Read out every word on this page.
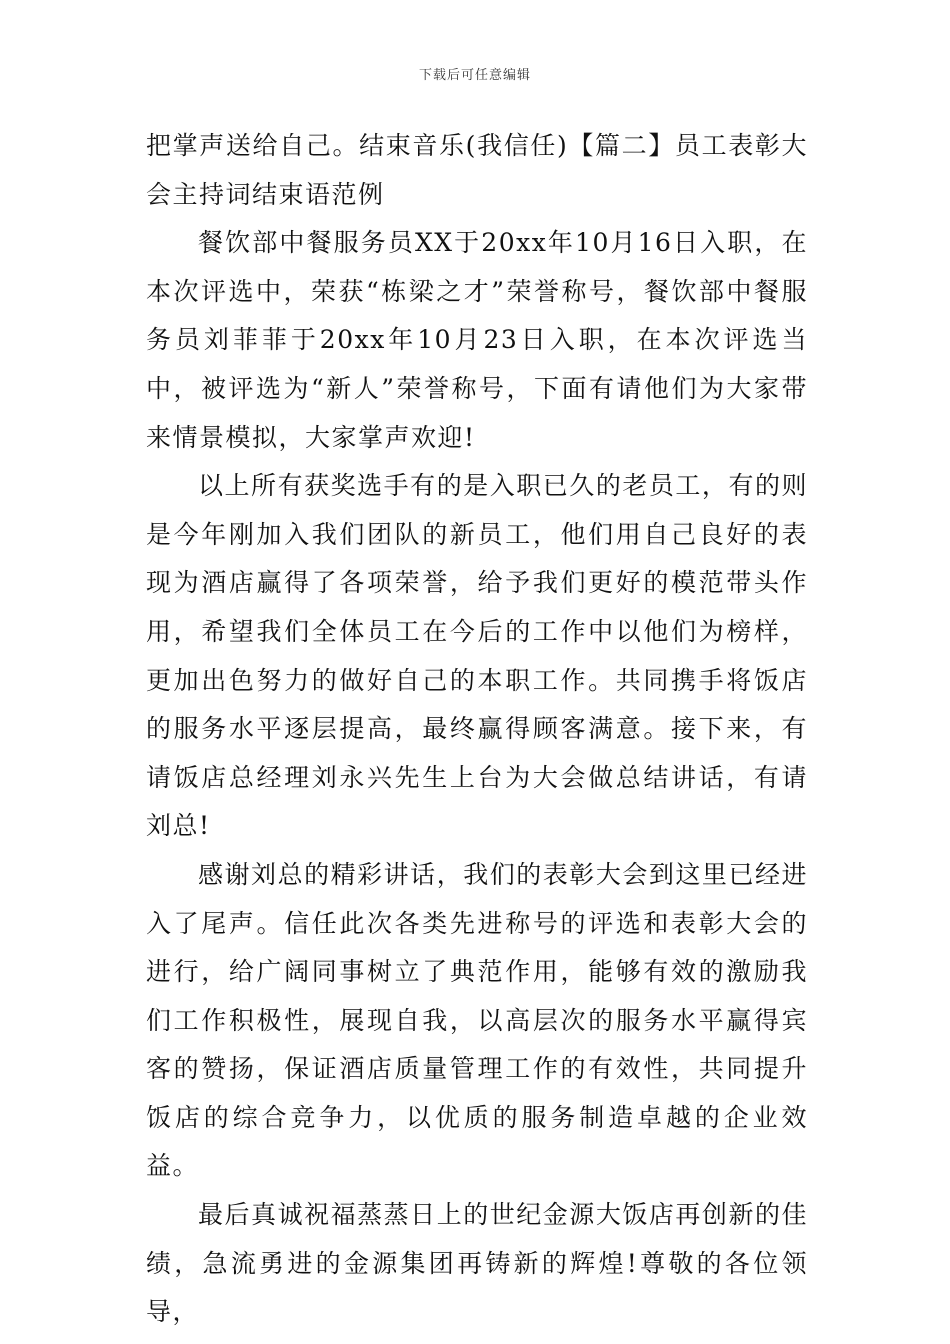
下载后可任意编辑

把掌声送给自己。结束音乐(我信任)【篇二】员工表彰大会主持词结束语范例

餐饮部中餐服务员XX于20xx年10月16日入职，在本次评选中，荣获“栋梁之才”荣誉称号，餐饮部中餐服务员刘菲菲于20xx年10月23日入职，在本次评选当中，被评选为“新人”荣誉称号，下面有请他们为大家带来情景模拟，大家掌声欢迎!

以上所有获奖选手有的是入职已久的老员工，有的则是今年刚加入我们团队的新员工，他们用自己良好的表现为酒店赢得了各项荣誉，给予我们更好的模范带头作用，希望我们全体员工在今后的工作中以他们为榜样，更加出色努力的做好自己的本职工作。共同携手将饭店的服务水平逐层提高，最终赢得顾客满意。接下来，有请饭店总经理刘永兴先生上台为大会做总结讲话，有请刘总!

感谢刘总的精彩讲话，我们的表彰大会到这里已经进入了尾声。信任此次各类先进称号的评选和表彰大会的进行，给广阔同事树立了典范作用，能够有效的激励我们工作积极性，展现自我，以高层次的服务水平赢得宾客的赞扬，保证酒店质量管理工作的有效性，共同提升饭店的综合竞争力，以优质的服务制造卓越的企业效益。

最后真诚祝福蒸蒸日上的世纪金源大饭店再创新的佳绩，急流勇进的金源集团再铸新的辉煌!尊敬的各位领导，
